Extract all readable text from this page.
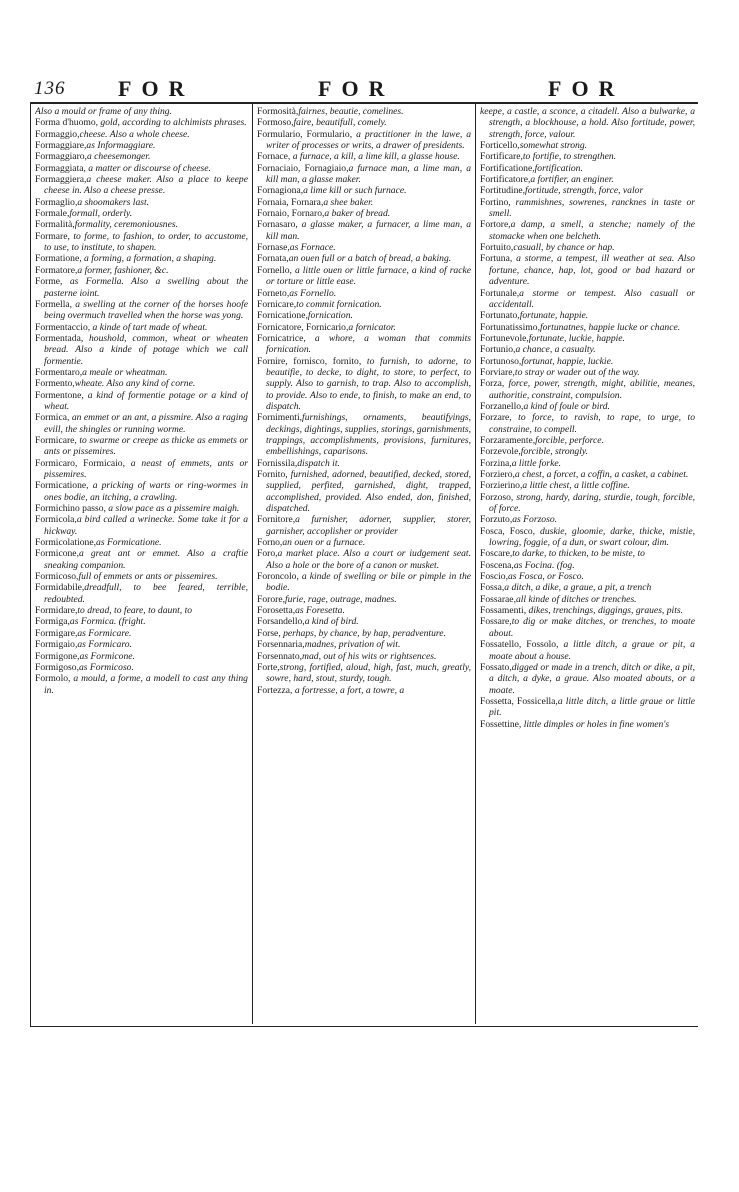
136 FOR	FOR	FOR

Also a mould or frame of any thing.

Forma d'huomo, gold, according to alchimists phrases.

Formaggio,cheese. Also a whole cheese.

Formaggiare,as Informaggiare.

Formaggiaro,a cheesemonger.

Formaggiata, a matter or discourse of cheese.

Formaggiera,a cheese maker. Also a place to keepe cheese in. Also a cheese presse.

Formaglio,a shoomakers last.

Formale,formall, orderly.

Formalità,formality, ceremoniousnes.

Formare, to forme, to fashion, to order, to accustome, to use, to institute, to shapen.

Formatione, a forming, a formation, a shaping.

Formatore,a former, fashioner, &c.

Forme, as Formella. Also a swelling about the pasterne ioint.

Formella, a swelling at the corner of the horses hoofe being overmuch travelled when the horse was yong.

Formentaccio, a kinde of tart made of wheat.

Formentada, houshold, common, wheat or wheaten bread. Also a kinde of potage which we call formentie.

Formentaro,a meale or wheatman.

Formento,wheate. Also any kind of corne.

Formentone, a kind of formentie potage or a kind of wheat.

Formica, an emmet or an ant, a pissmire. Also a raging evill, the shingles or running worme.

Formicare, to swarme or creepe as thicke as emmets or ants or pissemires.

Formicaro, Formicaio, a neast of emmets, ants or pissemires.

Formicatione, a pricking of warts or ring-wormes in ones bodie, an itching, a crawling.

Formichino passo, a slow pace as a pissemire maigh.

Formicola,a bird called a wrinecke. Some take it for a hickway.

Formicolatione,as Formicatione.

Formicone,a great ant or emmet. Also a craftie sneaking companion.

Formicoso,full of emmets or ants or pissemires.

Formidabile,dreadfull, to bee feared, terrible, redoubted.

Formidare,to dread, to feare, to daunt, to

Formiga,as Formica. (fright.

Formigare,as Formicare.

Formigaio,as Formicaro.

Formigone,as Formicone.

Formigoso,as Formicoso.

Formolo, a mould, a forme, a modell to cast any thing in.

Formosità,fairnes, beautie, comelines.

Formoso,faire, beautifull, comely.

Formulario, Formulario, a practitioner in the lawe, a writer of processes or writs, a drawer of presidents.

Fornace, a furnace, a kill, a lime kill, a glasse house.

Fornaciaio, Fornagiaio,a furnace man, a lime man, a kill man, a glasse maker.

Fornagiona,a lime kill or such furnace.

Fornaia, Fornara,a shee baker.

Fornaio, Fornaro,a baker of bread.

Fornasaro, a glasse maker, a furnacer, a lime man, a kill man.

Fornase,as Fornace.

Fornata,an ouen full or a batch of bread, a baking.

Fornello, a little ouen or little furnace, a kind of racke or torture or little ease.

Forneto,as Fornello.

Fornicare,to commit fornication.

Fornicatione,fornication.

Fornicatore, Fornicario,a fornicator.

Fornicatrice, a whore, a woman that commits fornication.

Fornire, fornisco, fornito, to furnish, to adorne, to beautifie, to decke, to dight, to store, to perfect, to supply. Also to garnish, to trap. Also to accomplish, to provide. Also to ende, to finish, to make an end, to dispatch.

Fornimenti,furnishings, ornaments, beautifyings, deckings, dightings, supplies, storings, garnishments, trappings, accomplishments, provisions, furnitures, embellishings, caparisons.

Fornissila,dispatch it.

Fornito, furnished, adorned, beautified, decked, stored, supplied, perfited, garnished, dight, trapped, accomplished, provided. Also ended, don, finished, dispatched.

Fornitore,a furnisher, adorner, supplier, storer, garnisher, accoplisher or provider

Forno,an ouen or a furnace.

Foro,a market place. Also a court or iudgement seat. Also a hole or the bore of a canon or musket.

Foroncolo, a kinde of swelling or bile or pimple in the bodie.

Forore,furie, rage, outrage, madnes.

Forosetta,as Foresetta.

Forsandello,a kind of bird.

Forse, perhaps, by chance, by hap, peradventure.

Forsennaria,madnes, privation of wit.

Forsennato,mad, out of his wits or rightsences.

Forte,strong, fortified, aloud, high, fast, much, greatly, sowre, hard, stout, sturdy, tough.

Fortezza, a fortresse, a fort, a towre, a

keepe, a castle, a sconce, a citadell. Also a bulwarke, a strength, a blockhouse, a hold. Also fortitude, power, strength, force, valour.

Forticello,somewhat strong.

Fortificare,to fortifie, to strengthen.

Fortificatione,fortification.

Fortificatore,a fortifier, an enginer.

Fortitudine,fortitude, strength, force, valor

Fortino, rammishnes, sowrenes, rancknes in taste or smell.

Fortore,a damp, a smell, a stenche; namely of the stomacke when one belcheth.

Fortuito,casuall, by chance or hap.

Fortuna, a storme, a tempest, ill weather at sea. Also fortune, chance, hap, lot, good or bad hazard or adventure.

Fortunale,a storme or tempest. Also casuall or accidentall.

Fortunato,fortunate, happie.

Fortunatissimo,fortunatnes, happie lucke or chance.

Fortunevole,fortunate, luckie, happie.

Fortunio,a chance, a casualty.

Fortunoso,fortunat, happie, luckie.

Forviare,to stray or wader out of the way.

Forza, force, power, strength, might, abilitie, meanes, authoritie, constraint, compulsion.

Forzanello,a kind of foule or bird.

Forzare, to force, to ravish, to rape, to urge, to constraine, to compell.

Forzaramente,forcible, perforce.

Forzevole,forcible, strongly.

Forzina,a little forke.

Forziero,a chest, a forcet, a coffin, a casket, a cabinet.

Forzierino,a little chest, a little coffine.

Forzoso, strong, hardy, daring, sturdie, tough, forcible, of force.

Forzuto,as Forzoso.

Fosca, Fosco, duskie, gloomie, darke, thicke, mistie, lowring, foggie, of a dun, or swart colour, dim.

Foscare,to darke, to thicken, to be miste, to

Foscena,as Focina. (fog.

Foscio,as Fosca, or Fosco.

Fossa,a ditch, a dike, a graue, a pit, a trench

Fossarae,all kinde of ditches or trenches.

Fossamenti, dikes, trenchings, diggings, graues, pits.

Fossare,to dig or make ditches, or trenches, to moate about.

Fossatello, Fossolo, a little ditch, a graue or pit, a moate about a house.

Fossato,digged or made in a trench, ditch or dike, a pit, a ditch, a dyke, a graue. Also moated abouts, or a moate.

Fossetta, Fossicella,a little ditch, a little graue or little pit.

Fossettine, little dimples or holes in fine women's
